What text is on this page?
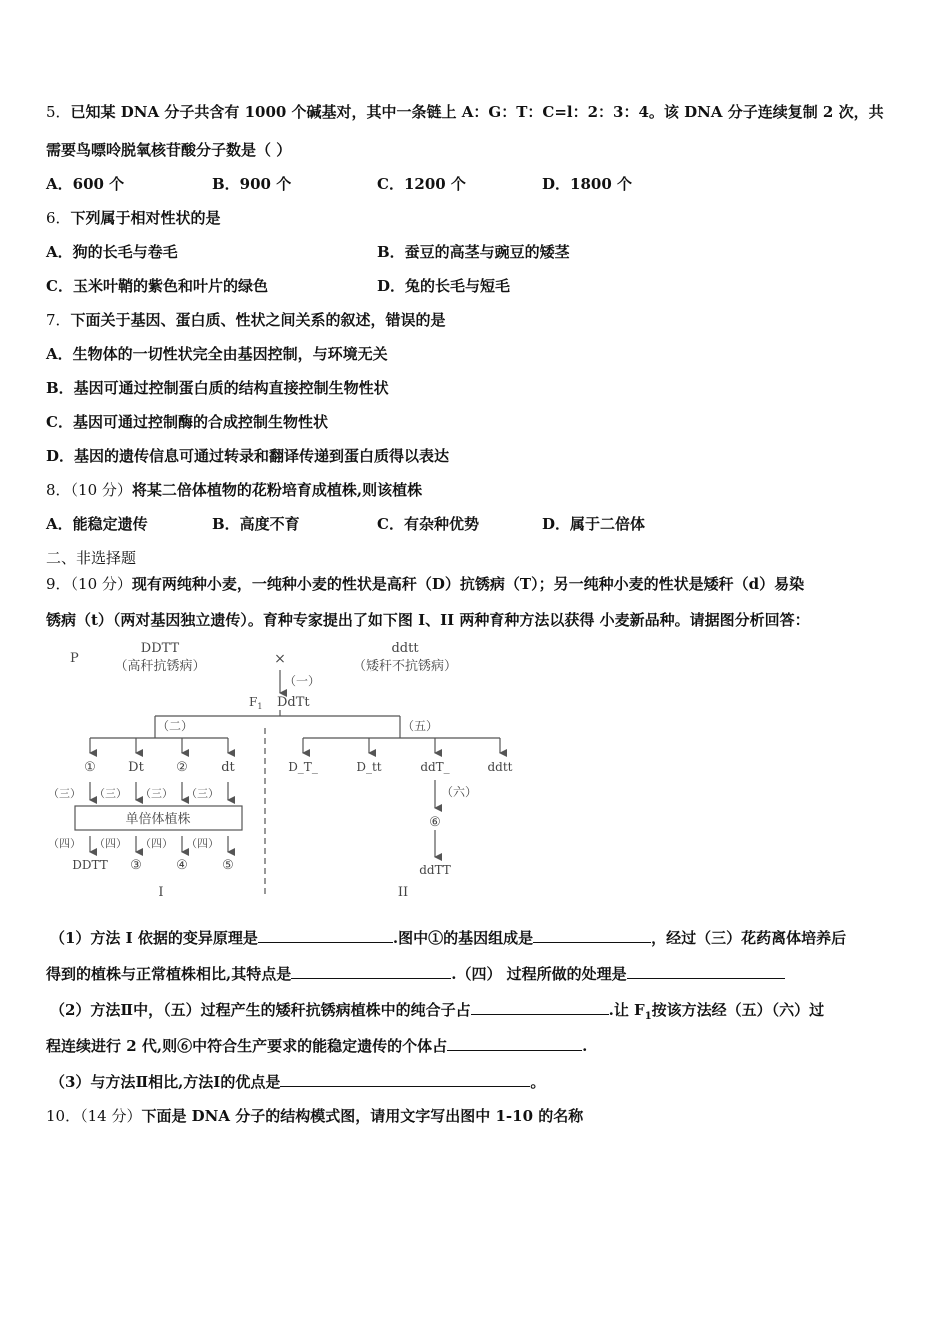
5．已知某 DNA 分子共含有 1000 个碱基对，其中一条链上 A：G：T：C=l：2：3：4。该 DNA 分子连续复制 2 次，共
需要鸟嘌呤脱氧核苷酸分子数是（ ）
A．600 个	B．900 个	C．1200 个	D．1800 个
6．下列属于相对性状的是
A．狗的长毛与卷毛	B．蚕豆的高茎与豌豆的矮茎
C．玉米叶鞘的紫色和叶片的绿色	D．兔的长毛与短毛
7．下面关于基因、蛋白质、性状之间关系的叙述，错误的是
A．生物体的一切性状完全由基因控制，与环境无关
B．基因可通过控制蛋白质的结构直接控制生物性状
C．基因可通过控制酶的合成控制生物性状
D．基因的遗传信息可通过转录和翻译传递到蛋白质得以表达
8．（10 分）将某二倍体植物的花粉培育成植株,则该植株
A．能稳定遗传	B．高度不育	C．有杂种优势	D．属于二倍体
二、非选择题
9．（10 分）现有两纯种小麦，一纯种小麦的性状是高秆（D）抗锈病（T）；另一纯种小麦的性状是矮秆（d）易染
锈病（t）（两对基因独立遗传）。育种专家提出了如下图 I、II 两种育种方法以获得 小麦新品种。请据图分析回答：
P
DDTT
（高秆抗锈病）	×
ddtt
（矮秆不抗锈病）
（一）
$F_1$ DdTt
（二）	（五）
① Dt ②	dt	D_T_	D_tt	ddT_	ddtt
（三） （三） （三） （三）
单倍体植株
（四） （四） （四） （四）
DDTT ③	④	⑤
（六）
⑥
ddTT
I	II
（1）方法 I 依据的变异原理是	.图中①的基因组成是	，经过（三）花药离体培养后
得到的植株与正常植株相比,其特点是	.（四） 过程所做的处理是
（2）方法Ⅱ中，（五）过程产生的矮秆抗锈病植株中的纯合子占	.让 $F_1$按该方法经（五）（六）过
程连续进行 2 代,则⑥中符合生产要求的能稳定遗传的个体占	.
（3）与方法Ⅱ相比,方法Ⅰ的优点是	。
10．（14 分）下面是 DNA 分子的结构模式图，请用文字写出图中 1-10 的名称
